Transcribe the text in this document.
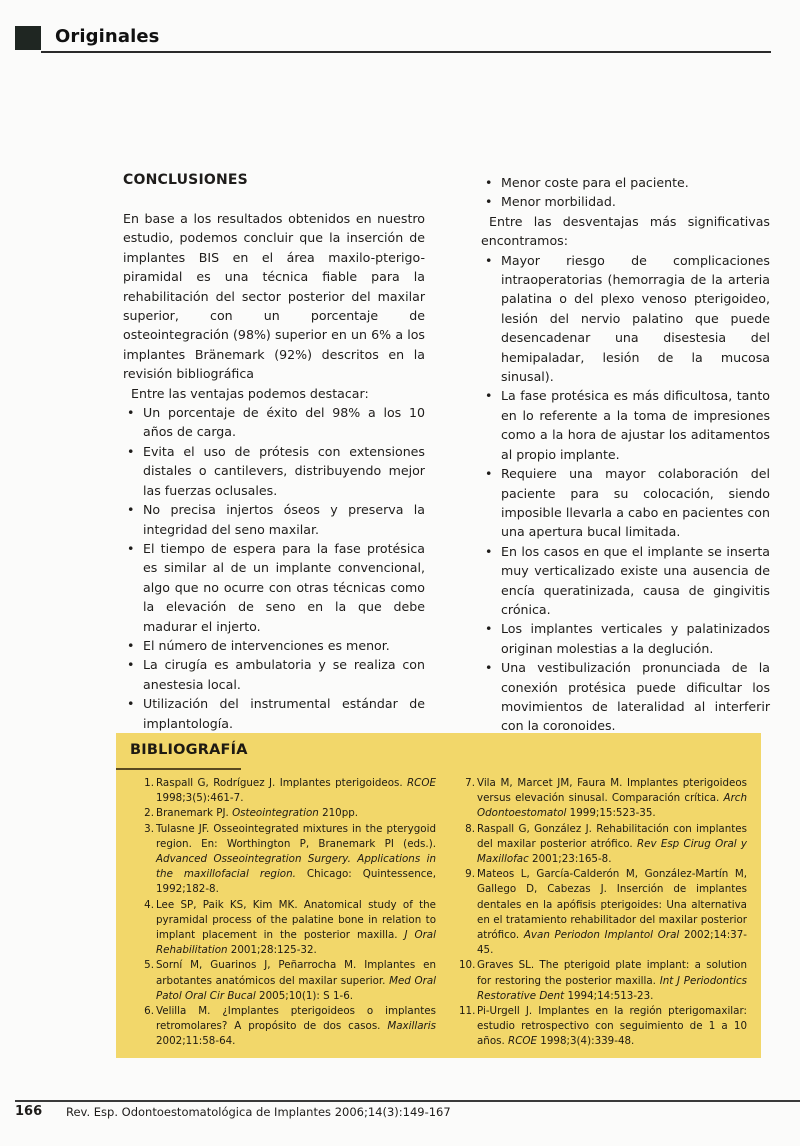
Originales
CONCLUSIONES

En base a los resultados obtenidos en nuestro estudio, podemos concluir que la inserción de implantes BIS en el área maxilo-pterigo-piramidal es una técnica fiable para la rehabilitación del sector posterior del maxilar superior, con un porcentaje de osteointegración (98%) superior en un 6% a los implantes Bränemark (92%) descritos en la revisión bibliográfica

Entre las ventajas podemos destacar:

• Un porcentaje de éxito del 98% a los 10 años de carga.
• Evita el uso de prótesis con extensiones distales o cantilevers, distribuyendo mejor las fuerzas oclusales.
• No precisa injertos óseos y preserva la integridad del seno maxilar.
• El tiempo de espera para la fase protésica es similar al de un implante convencional, algo que no ocurre con otras técnicas como la elevación de seno en la que debe madurar el injerto.
• El número de intervenciones es menor.
• La cirugía es ambulatoria y se realiza con anestesia local.
• Utilización del instrumental estándar de implantología.
• Menor coste para el paciente.
• Menor morbilidad.

Entre las desventajas más significativas encontramos:

• Mayor riesgo de complicaciones intraoperatorias (hemorragia de la arteria palatina o del plexo venoso pterigoideo, lesión del nervio palatino que puede desencadenar una disestesia del hemipaladar, lesión de la mucosa sinusal).
• La fase protésica es más dificultosa, tanto en lo referente a la toma de impresiones como a la hora de ajustar los aditamentos al propio implante.
• Requiere una mayor colaboración del paciente para su colocación, siendo imposible llevarla a cabo en pacientes con una apertura bucal limitada.
• En los casos en que el implante se inserta muy verticalizado existe una ausencia de encía queratinizada, causa de gingivitis crónica.
• Los implantes verticales y palatinizados originan molestias a la deglución.
• Una vestibulización pronunciada de la conexión protésica puede dificultar los movimientos de lateralidad al interferir con la coronoides.
BIBLIOGRAFÍA
1. Raspall G, Rodríguez J. Implantes pterigoideos. RCOE 1998;3(5):461-7.
2. Branemark PJ. Osteointegration 210pp.
3. Tulasne JF. Osseointegrated mixtures in the pterygoid region. En: Worthington P, Branemark PI (eds.). Advanced Osseointegration Surgery. Applications in the maxillofacial region. Chicago: Quintessence, 1992;182-8.
4. Lee SP, Paik KS, Kim MK. Anatomical study of the pyramidal process of the palatine bone in relation to implant placement in the posterior maxilla. J Oral Rehabilitation 2001;28:125-32.
5. Sorní M, Guarinos J, Peñarrocha M. Implantes en arbotantes anatómicos del maxilar superior. Med Oral Patol Oral Cir Bucal 2005;10(1): S 1-6.
6. Velilla M. ¿Implantes pterigoideos o implantes retromolares? A propósito de dos casos. Maxillaris 2002;11:58-64.
7. Vila M, Marcet JM, Faura M. Implantes pterigoideos versus elevación sinusal. Comparación crítica. Arch Odontoestomatol 1999;15:523-35.
8. Raspall G, González J. Rehabilitación con implantes del maxilar posterior atrófico. Rev Esp Cirug Oral y Maxillofac 2001;23:165-8.
9. Mateos L, García-Calderón M, González-Martín M, Gallego D, Cabezas J. Inserción de implantes dentales en la apófisis pterigoides: Una alternativa en el tratamiento rehabilitador del maxilar posterior atrófico. Avan Periodon Implantol Oral 2002;14:37-45.
10. Graves SL. The pterigoid plate implant: a solution for restoring the posterior maxilla. Int J Periodontics Restorative Dent 1994;14:513-23.
11. Pi-Urgell J. Implantes en la región pterigomaxilar: estudio retrospectivo con seguimiento de 1 a 10 años. RCOE 1998;3(4):339-48.
166 Rev. Esp. Odontoestomatológica de Implantes 2006;14(3):149-167
